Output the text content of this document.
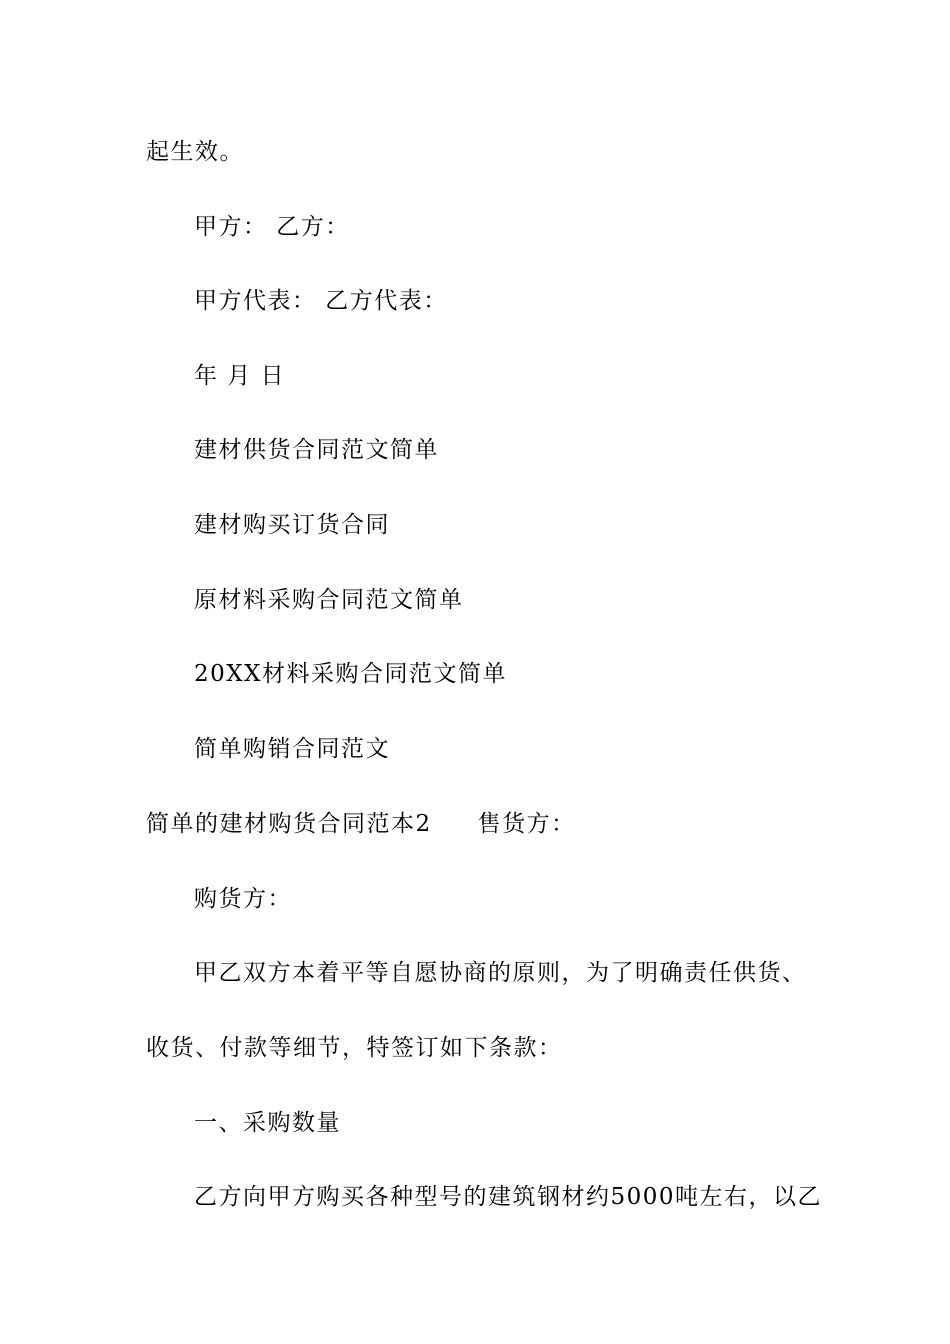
起生效。
甲方： 乙方：
甲方代表： 乙方代表：
年 月 日
建材供货合同范文简单
建材购买订货合同
原材料采购合同范文简单
20XX材料采购合同范文简单
简单购销合同范文
简单的建材购货合同范本2 售货方：
购货方：
甲乙双方本着平等自愿协商的原则，为了明确责任供货、
收货、付款等细节，特签订如下条款：
一、采购数量
乙方向甲方购买各种型号的建筑钢材约5000吨左右，以乙
